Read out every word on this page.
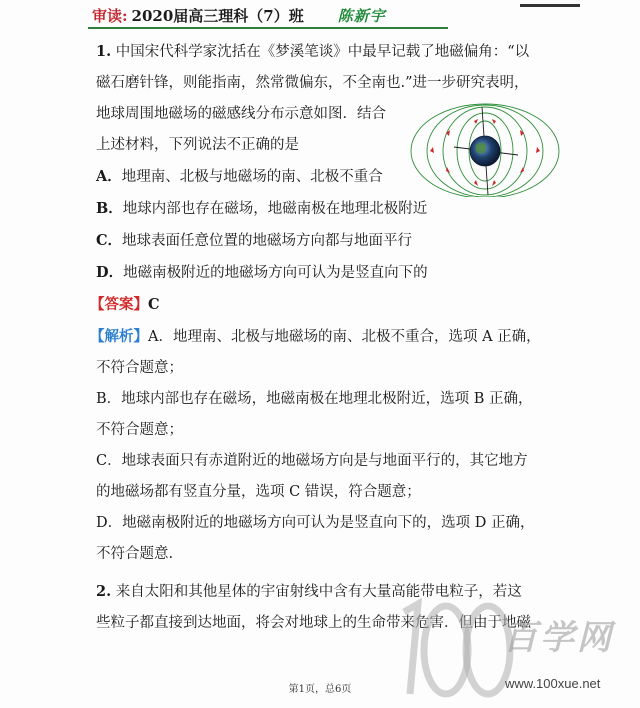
审读: 2020届高三理科（7）班 陈新宇
1. 中国宋代科学家沈括在《梦溪笔谈》中最早记载了地磁偏角：“以
磁石磨针锋，则能指南，然常微偏东，不全南也.”进一步研究表明，
地球周围地磁场的磁感线分布示意如图．结合
上述材料，下列说法不正确的是
A．地理南、北极与地磁场的南、北极不重合
B．地球内部也存在磁场，地磁南极在地理北极附近
C．地球表面任意位置的地磁场方向都与地面平行
D．地磁南极附近的地磁场方向可认为是竖直向下的
【答案】C
【解析】A．地理南、北极与地磁场的南、北极不重合，选项 A 正确，
不符合题意；
B．地球内部也存在磁场，地磁南极在地理北极附近，选项 B 正确，
不符合题意；
C．地球表面只有赤道附近的地磁场方向是与地面平行的，其它地方
的地磁场都有竖直分量，选项 C 错误，符合题意；
D．地磁南极附近的地磁场方向可认为是竖直向下的，选项 D 正确，
不符合题意.
2. 来自太阳和其他星体的宇宙射线中含有大量高能带电粒子，若这
些粒子都直接到达地面，将会对地球上的生命带来危害．但由于地磁
百学网
www.100xue.net
第1页，总6页
